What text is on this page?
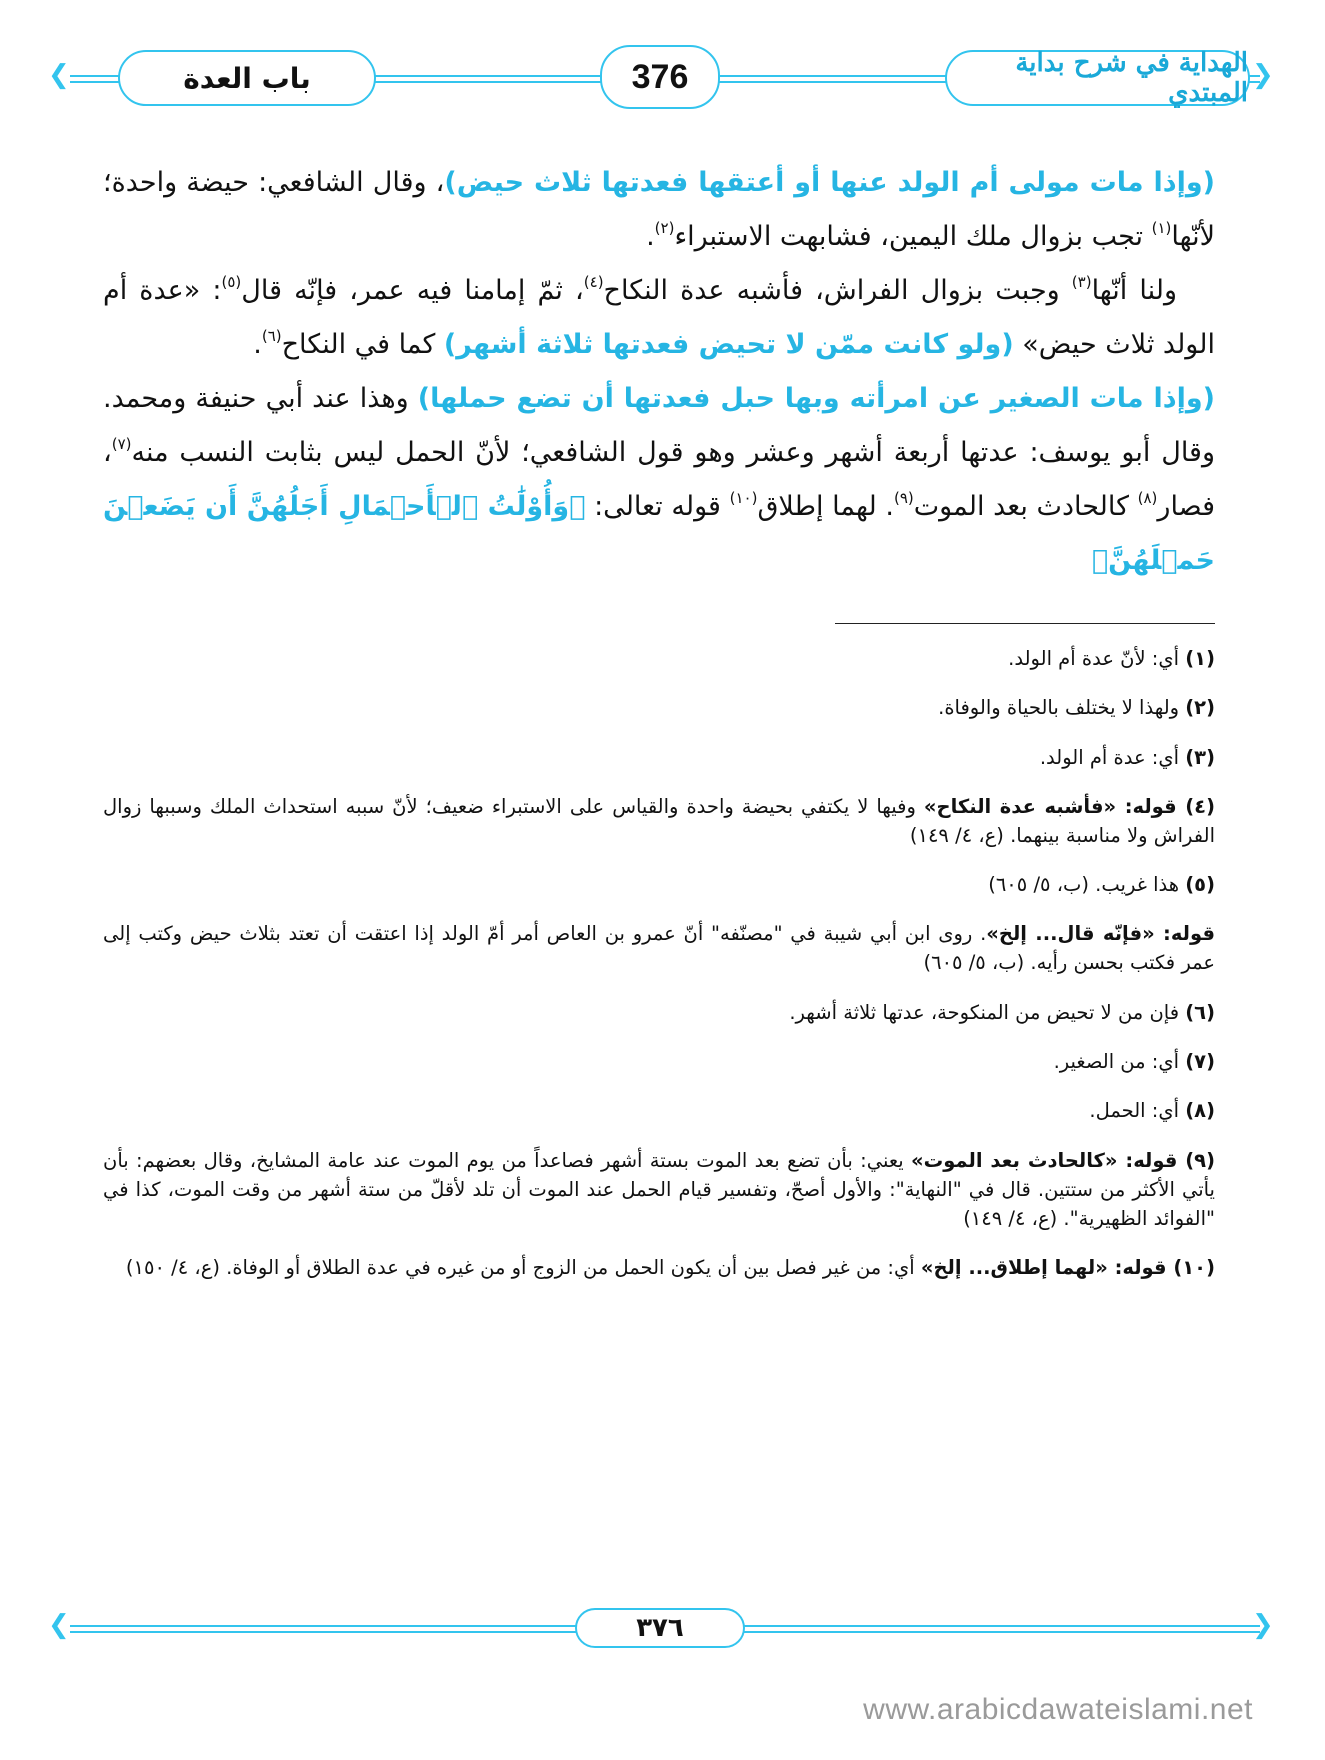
❮	❯
باب العدة	376	الهداية في شرح بداية المبتدي

(وإذا مات مولى أم الولد عنها أو أعتقها فعدتها ثلاث حيض)، وقال الشافعي: حيضة واحدة؛ لأنّها$^{(١)}$ تجب بزوال ملك اليمين، فشابهت الاستبراء$^{(٢)}$.

ولنا أنّها$^{(٣)}$ وجبت بزوال الفراش، فأشبه عدة النكاح$^{(٤)}$، ثمّ إمامنا فيه عمر، فإنّه قال$^{(٥)}$: «عدة أم الولد ثلاث حيض» (ولو كانت ممّن لا تحيض فعدتها ثلاثة أشهر) كما في النكاح$^{(٦)}$.

(وإذا مات الصغير عن امرأته وبها حبل فعدتها أن تضع حملها) وهذا عند أبي حنيفة ومحمد. وقال أبو يوسف: عدتها أربعة أشهر وعشر وهو قول الشافعي؛ لأنّ الحمل ليس بثابت النسب منه$^{(٧)}$، فصار$^{(٨)}$ كالحادث بعد الموت$^{(٩)}$. لهما إطلاق$^{(١٠)}$ قوله تعالى: ﴿وَأُوْلَٰتُ ٱلۡأَحۡمَالِ أَجَلُهُنَّ أَن يَضَعۡنَ حَمۡلَهُنَّ﴾

(١) أي: لأنّ عدة أم الولد.

(٢) ولهذا لا يختلف بالحياة والوفاة.

(٣) أي: عدة أم الولد.

(٤) قوله: «فأشبه عدة النكاح» وفيها لا يكتفي بحيضة واحدة والقياس على الاستبراء ضعيف؛ لأنّ سببه استحداث الملك وسببها زوال الفراش ولا مناسبة بينهما. (ع، ٤/ ١٤٩)

(٥) هذا غريب. (ب، ٥/ ٦٠٥)

قوله: «فإنّه قال... إلخ». روى ابن أبي شيبة في "مصنّفه" أنّ عمرو بن العاص أمر أمّ الولد إذا اعتقت أن تعتد بثلاث حيض وكتب إلى عمر فكتب بحسن رأيه. (ب، ٥/ ٦٠٥)

(٦) فإن من لا تحيض من المنكوحة، عدتها ثلاثة أشهر.

(٧) أي: من الصغير.

(٨) أي: الحمل.

(٩) قوله: «كالحادث بعد الموت» يعني: بأن تضع بعد الموت بستة أشهر فصاعداً من يوم الموت عند عامة المشايخ، وقال بعضهم: بأن يأتي الأكثر من ستتين. قال في "النهاية": والأول أصحّ، وتفسير قيام الحمل عند الموت أن تلد لأقلّ من ستة أشهر من وقت الموت، كذا في "الفوائد الظهيرية". (ع، ٤/ ١٤٩)

(١٠) قوله: «لهما إطلاق... إلخ» أي: من غير فصل بين أن يكون الحمل من الزوج أو من غيره في عدة الطلاق أو الوفاة. (ع، ٤/ ١٥٠)

❮	❯
٣٧٦
www.arabicdawateislami.net
